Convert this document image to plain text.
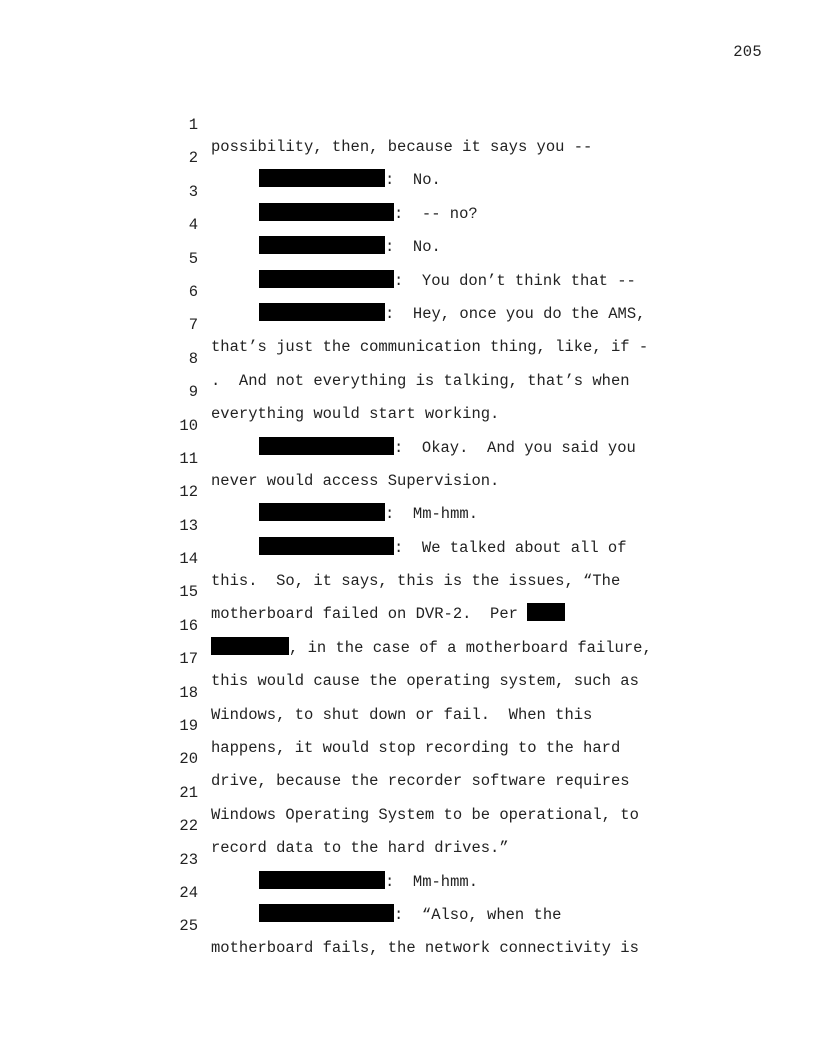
205

1

possibility, then, because it says you --

2

:  No.

3

:  -- no?

4

:  No.

5

:  You don’t think that --

6

:  Hey, once you do the AMS,

7

that’s just the communication thing, like, if -

8

.  And not everything is talking, that’s when

9

everything would start working.

10

:  Okay.  And you said you

11

never would access Supervision.

12

:  Mm-hmm.

13

:  We talked about all of

14

this.  So, it says, this is the issues, “The

15

motherboard failed on DVR-2.  Per

16

, in the case of a motherboard failure,

17

this would cause the operating system, such as

18

Windows, to shut down or fail.  When this

19

happens, it would stop recording to the hard

20

drive, because the recorder software requires

21

Windows Operating System to be operational, to

22

record data to the hard drives.”

23

:  Mm-hmm.

24

:  “Also, when the

25

motherboard fails, the network connectivity is
